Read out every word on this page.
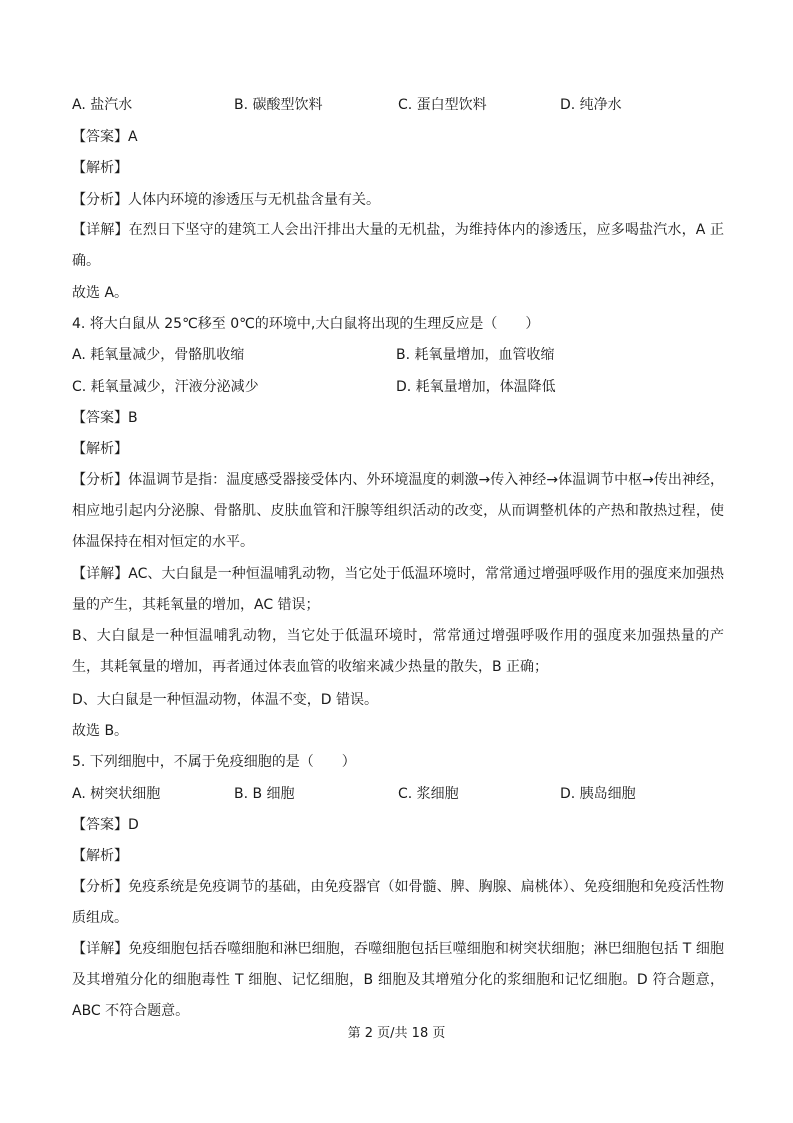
A. 盐汽水	B. 碳酸型饮料	C. 蛋白型饮料	D. 纯净水
【答案】A
【解析】
【分析】人体内环境的渗透压与无机盐含量有关。
【详解】在烈日下坚守的建筑工人会出汗排出大量的无机盐，为维持体内的渗透压，应多喝盐汽水，A 正确。
故选 A。
4. 将大白鼠从 25℃移至 0℃的环境中,大白鼠将出现的生理反应是（　　）
A. 耗氧量减少，骨骼肌收缩	B. 耗氧量增加，血管收缩
C. 耗氧量减少，汗液分泌减少	D. 耗氧量增加，体温降低
【答案】B
【解析】
【分析】体温调节是指：温度感受器接受体内、外环境温度的刺激→传入神经→体温调节中枢→传出神经，相应地引起内分泌腺、骨骼肌、皮肤血管和汗腺等组织活动的改变，从而调整机体的产热和散热过程，使体温保持在相对恒定的水平。
【详解】AC、大白鼠是一种恒温哺乳动物，当它处于低温环境时，常常通过增强呼吸作用的强度来加强热量的产生，其耗氧量的增加，AC 错误；
B、大白鼠是一种恒温哺乳动物，当它处于低温环境时，常常通过增强呼吸作用的强度来加强热量的产生，其耗氧量的增加，再者通过体表血管的收缩来减少热量的散失，B 正确；
D、大白鼠是一种恒温动物，体温不变，D 错误。
故选 B。
5. 下列细胞中，不属于免疫细胞的是（　　）
A. 树突状细胞	B. B 细胞	C. 浆细胞	D. 胰岛细胞
【答案】D
【解析】
【分析】免疫系统是免疫调节的基础，由免疫器官（如骨髓、脾、胸腺、扁桃体）、免疫细胞和免疫活性物质组成。
【详解】免疫细胞包括吞噬细胞和淋巴细胞，吞噬细胞包括巨噬细胞和树突状细胞；淋巴细胞包括 T 细胞及其增殖分化的细胞毒性 T 细胞、记忆细胞，B 细胞及其增殖分化的浆细胞和记忆细胞。D 符合题意，ABC 不符合题意。
第 2 页/共 18 页
